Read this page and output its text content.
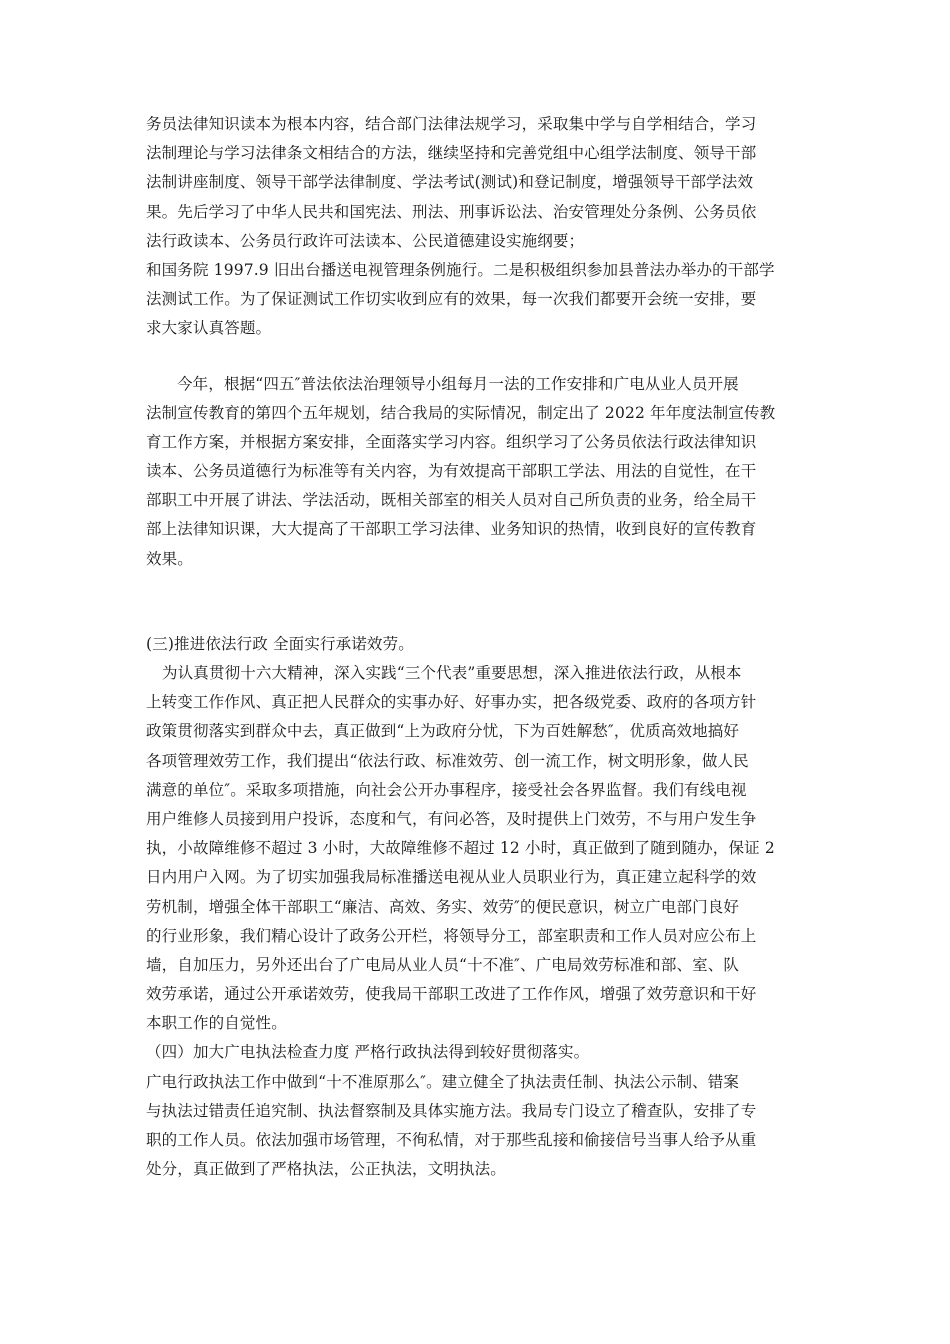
务员法律知识读本为根本内容，结合部门法律法规学习，采取集中学与自学相结合，学习
法制理论与学习法律条文相结合的方法，继续坚持和完善党组中心组学法制度、领导干部
法制讲座制度、领导干部学法律制度、学法考试(测试)和登记制度，增强领导干部学法效
果。先后学习了中华人民共和国宪法、刑法、刑事诉讼法、治安管理处分条例、公务员依
法行政读本、公务员行政许可法读本、公民道德建设实施纲要；
和国务院 1997.9 旧出台播送电视管理条例施行。二是积极组织参加县普法办举办的干部学
法测试工作。为了保证测试工作切实收到应有的效果，每一次我们都要开会统一安排，要
求大家认真答题。
今年，根据“四五″普法依法治理领导小组每月一法的工作安排和广电从业人员开展
法制宣传教育的第四个五年规划，结合我局的实际情况，制定出了 2022 年年度法制宣传教
育工作方案，并根据方案安排，全面落实学习内容。组织学习了公务员依法行政法律知识
读本、公务员道德行为标准等有关内容，为有效提高干部职工学法、用法的自觉性，在干
部职工中开展了讲法、学法活动，既相关部室的相关人员对自己所负责的业务，给全局干
部上法律知识课，大大提高了干部职工学习法律、业务知识的热情，收到良好的宣传教育
效果。
(三)推进依法行政 全面实行承诺效劳。
为认真贯彻十六大精神，深入实践“三个代表”重要思想，深入推进依法行政，从根本
上转变工作作风、真正把人民群众的实事办好、好事办实，把各级党委、政府的各项方针
政策贯彻落实到群众中去，真正做到“上为政府分忧，下为百姓解愁″，优质高效地搞好
各项管理效劳工作，我们提出“依法行政、标准效劳、创一流工作，树文明形象，做人民
满意的单位″。采取多项措施，向社会公开办事程序，接受社会各界监督。我们有线电视
用户维修人员接到用户投诉，态度和气，有问必答，及时提供上门效劳，不与用户发生争
执，小故障维修不超过 3 小时，大故障维修不超过 12 小时，真正做到了随到随办，保证 2
日内用户入网。为了切实加强我局标准播送电视从业人员职业行为，真正建立起科学的效
劳机制，增强全体干部职工“廉洁、高效、务实、效劳″的便民意识，树立广电部门良好
的行业形象，我们精心设计了政务公开栏，将领导分工，部室职责和工作人员对应公布上
墙，自加压力，另外还出台了广电局从业人员“十不准″、广电局效劳标准和部、室、队
效劳承诺，通过公开承诺效劳，使我局干部职工改进了工作作风，增强了效劳意识和干好
本职工作的自觉性。
（四）加大广电执法检查力度 严格行政执法得到较好贯彻落实。
广电行政执法工作中做到“十不准原那么″。建立健全了执法责任制、执法公示制、错案
与执法过错责任追究制、执法督察制及具体实施方法。我局专门设立了稽查队，安排了专
职的工作人员。依法加强市场管理，不徇私情，对于那些乱接和偷接信号当事人给予从重
处分，真正做到了严格执法，公正执法，文明执法。
